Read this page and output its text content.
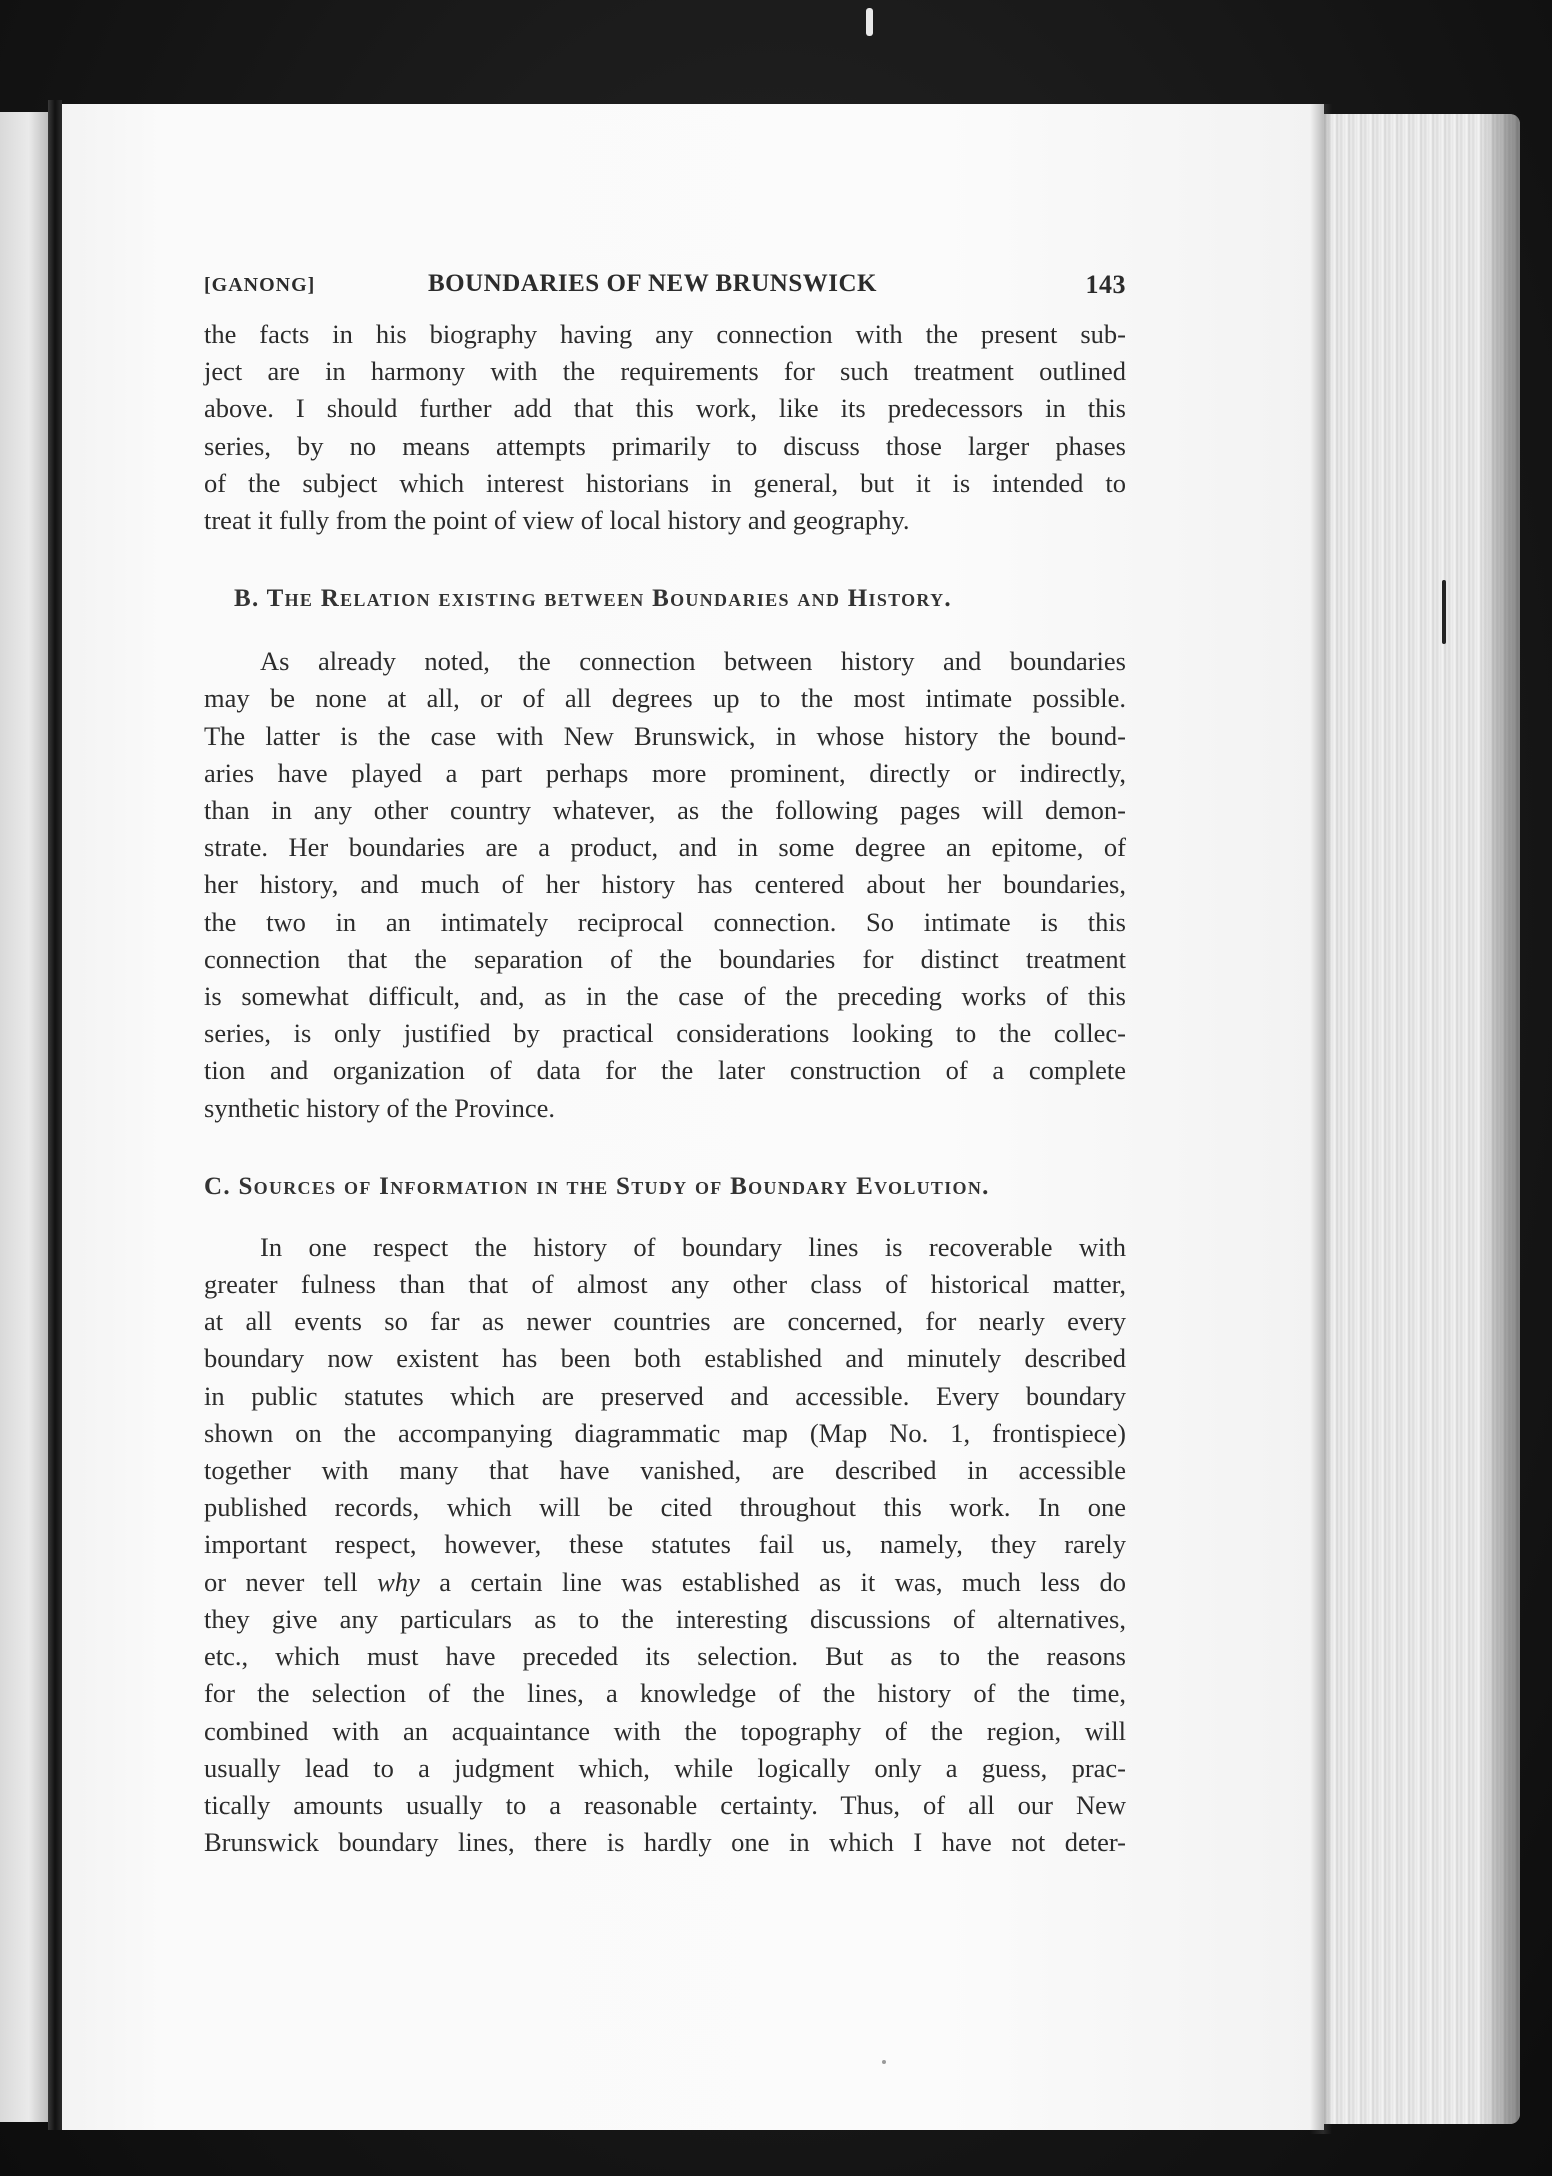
[GANONG]	BOUNDARIES OF NEW BRUNSWICK	143

the facts in his biography having any connection with the present sub-
ject are in harmony with the requirements for such treatment outlined
above. I should further add that this work, like its predecessors in this
series, by no means attempts primarily to discuss those larger phases
of the subject which interest historians in general, but it is intended to
treat it fully from the point of view of local history and geography.

B. The Relation existing between Boundaries and History.

As already noted, the connection between history and boundaries
may be none at all, or of all degrees up to the most intimate possible.
The latter is the case with New Brunswick, in whose history the bound-
aries have played a part perhaps more prominent, directly or indirectly,
than in any other country whatever, as the following pages will demon-
strate. Her boundaries are a product, and in some degree an epitome, of
her history, and much of her history has centered about her boundaries,
the two in an intimately reciprocal connection. So intimate is this
connection that the separation of the boundaries for distinct treatment
is somewhat difficult, and, as in the case of the preceding works of this
series, is only justified by practical considerations looking to the collec-
tion and organization of data for the later construction of a complete
synthetic history of the Province.

C. Sources of Information in the Study of Boundary Evolution.

In one respect the history of boundary lines is recoverable with
greater fulness than that of almost any other class of historical matter,
at all events so far as newer countries are concerned, for nearly every
boundary now existent has been both established and minutely described
in public statutes which are preserved and accessible. Every boundary
shown on the accompanying diagrammatic map (Map No. 1, frontispiece)
together with many that have vanished, are described in accessible
published records, which will be cited throughout this work. In one
important respect, however, these statutes fail us, namely, they rarely
or never tell why a certain line was established as it was, much less do
they give any particulars as to the interesting discussions of alternatives,
etc., which must have preceded its selection. But as to the reasons
for the selection of the lines, a knowledge of the history of the time,
combined with an acquaintance with the topography of the region, will
usually lead to a judgment which, while logically only a guess, prac-
tically amounts usually to a reasonable certainty. Thus, of all our New
Brunswick boundary lines, there is hardly one in which I have not deter-
